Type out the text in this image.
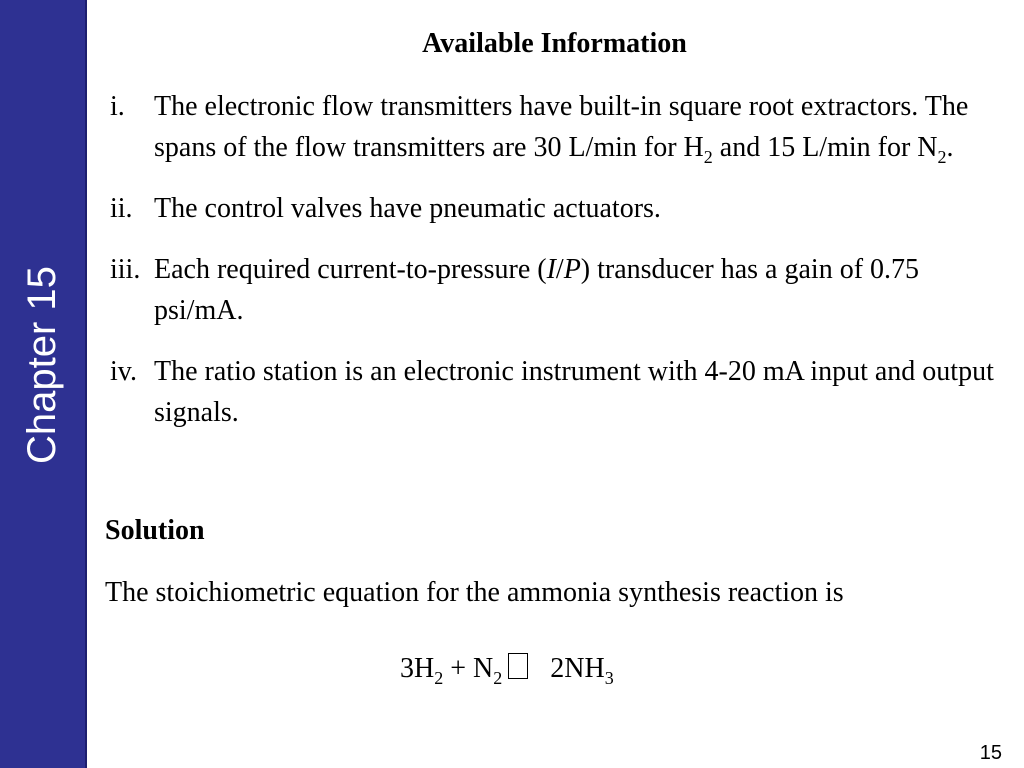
Chapter 15
Available Information
i. The electronic flow transmitters have built-in square root extractors. The spans of the flow transmitters are 30 L/min for $H_2$ and 15 L/min for $N_2$.
ii. The control valves have pneumatic actuators.
iii. Each required current-to-pressure (I/P) transducer has a gain of 0.75 psi/mA.
iv. The ratio station is an electronic instrument with 4-20 mA input and output signals.
Solution
The stoichiometric equation for the ammonia synthesis reaction is
$3H_2 + N_2$ $2NH_3$
15
